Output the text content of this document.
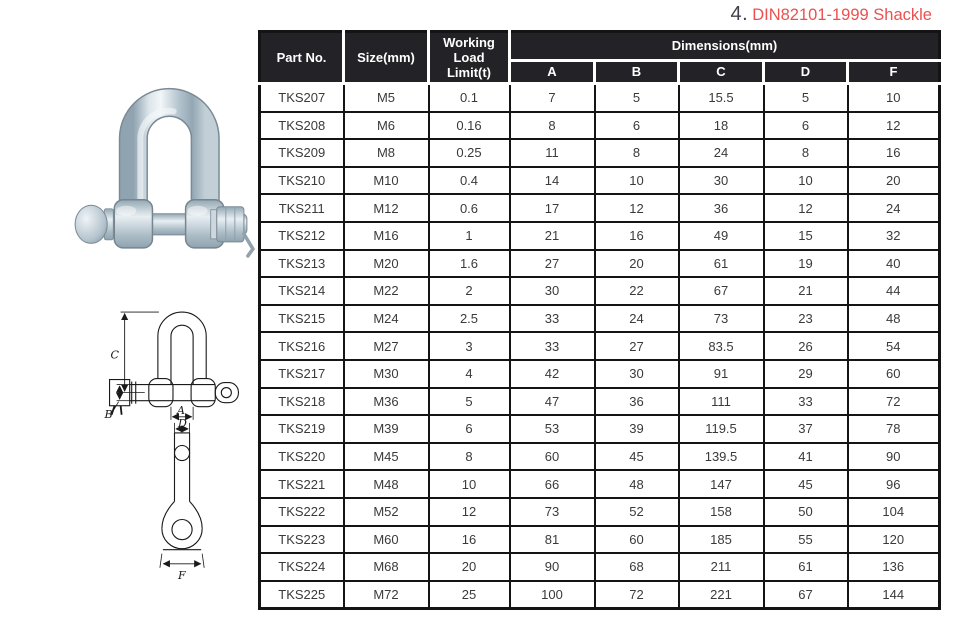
4. DIN82101-1999 Shackle
C
B	A
D
F
Part No.	Size(mm)	Working Load Limit(t)	Dimensions(mm)				
			A	B	C	D	F
TKS207	M5	0.1	7	5	15.5	5	10
TKS208	M6	0.16	8	6	18	6	12
TKS209	M8	0.25	11	8	24	8	16
TKS210	M10	0.4	14	10	30	10	20
TKS211	M12	0.6	17	12	36	12	24
TKS212	M16	1	21	16	49	15	32
TKS213	M20	1.6	27	20	61	19	40
TKS214	M22	2	30	22	67	21	44
TKS215	M24	2.5	33	24	73	23	48
TKS216	M27	3	33	27	83.5	26	54
TKS217	M30	4	42	30	91	29	60
TKS218	M36	5	47	36	111	33	72
TKS219	M39	6	53	39	119.5	37	78
TKS220	M45	8	60	45	139.5	41	90
TKS221	M48	10	66	48	147	45	96
TKS222	M52	12	73	52	158	50	104
TKS223	M60	16	81	60	185	55	120
TKS224	M68	20	90	68	211	61	136
TKS225	M72	25	100	72	221	67	144
